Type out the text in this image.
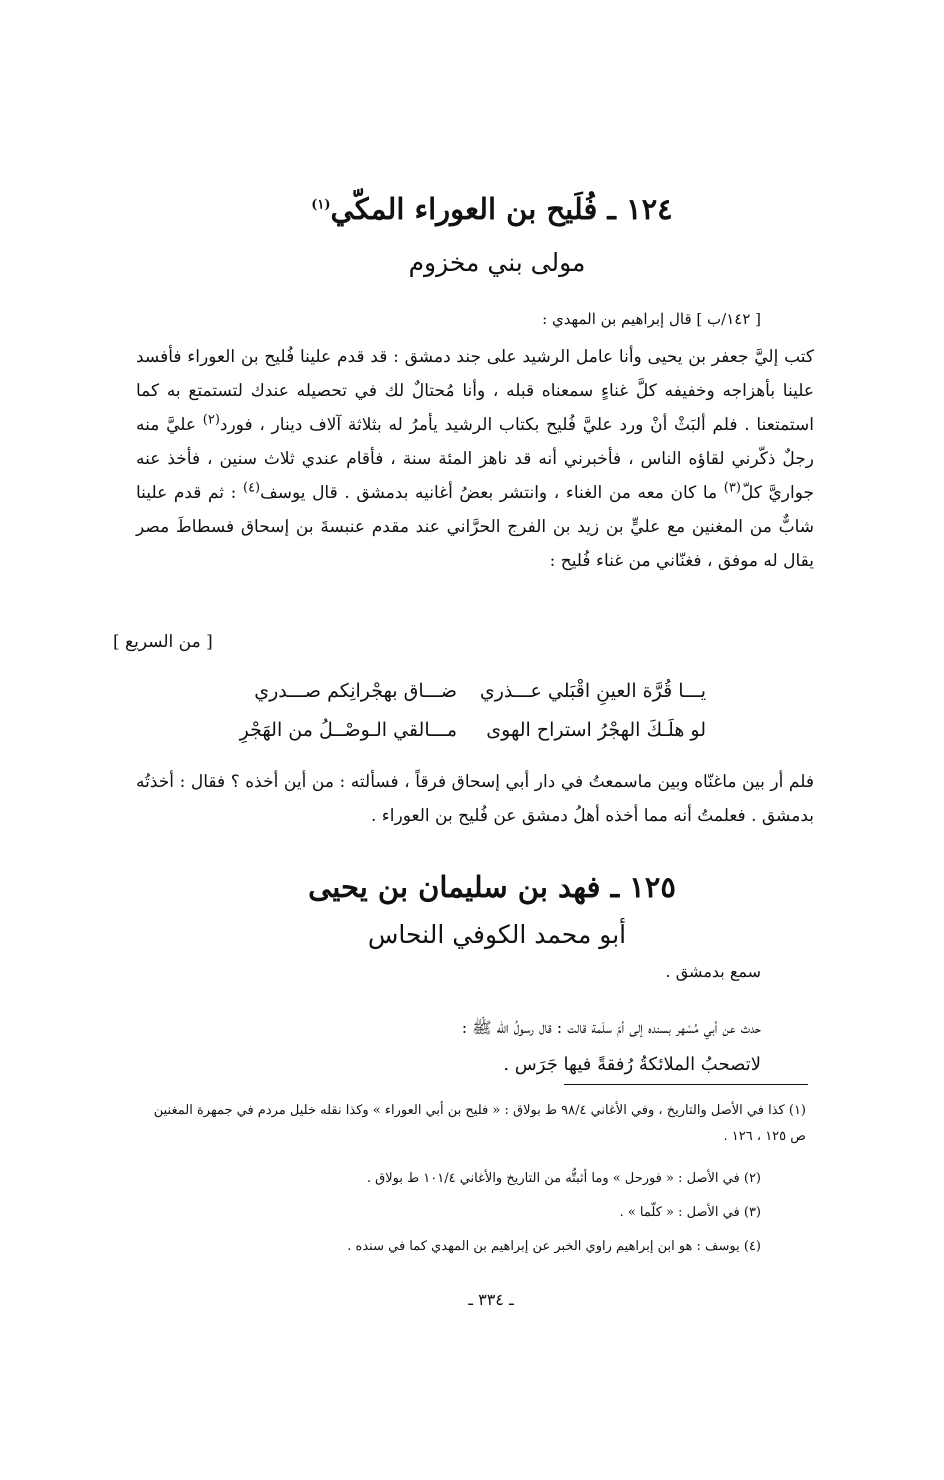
١٢٤ ـ فُلَيح بن العوراء المكّي$^{(١)}$
مولى بني مخزوم
[ ١٤٢/ب ] قال إبراهيم بن المهدي :

كتب إليَّ جعفر بن يحيى وأنا عامل الرشيد على جند دمشق : قد قدم علينا فُليح بن العوراء فأفسد علينا بأهزاجه وخفيفه كلَّ غناءٍ سمعناه قبله ، وأنا مُحتالٌ لك في تحصيله عندك لتستمتع به كما استمتعنا . فلم ألبَثْ أنْ ورد عليَّ فُليح بكتاب الرشيد يأمرُ له بثلاثة آلاف دينار ، فورد$^{(٢)}$ عليَّ منه رجلٌ ذكّرني لقاؤه الناس ، فأخبرني أنه قد ناهز المئة سنة ، فأقام عندي ثلاث سنين ، فأخذ عنه جواريَّ كلّ$^{(٣)}$ ما كان معه من الغناء ، وانتشر بعضُ أغانيه بدمشق . قال يوسف$^{(٤)}$ : ثم قدم علينا شابٌّ من المغنين مع عليٍّ بن زيد بن الفرج الحرَّاني عند مقدم عنبسةَ بن إسحاق فسطاطَ مصر يقال له موفق ، فغنّاني من غناء فُليح :

[ من السريع ]
يـــا قُرَّة العينِ اقْبَلي عـــذري
ضـــاق بهجْرانِكم صـــدري
لو هلَـكَ الهجْرُ استراح الهوى
مـــالقي الـوصْــلُ من الهَجْرِ

فلم أر بين ماغنّاه وبين ماسمعتُ في دار أبي إسحاق فرقاً ، فسألته : من أين أخذه ؟ فقال : أخذتُه بدمشق . فعلمتُ أنه مما أخذه أهلُ دمشق عن فُليح بن العوراء .

١٢٥ ـ فهد بن سليمان بن يحيى
أبو محمد الكوفي النحاس
سمع بدمشق .
حدث عن أبي مُسْهر بسنده إلى أمّ سلَمة قالت : قال رسولُ الله ﷺ :
لاتصحبُ الملائكةُ رُفقةً فيها جَرَس .
(١) كذا في الأصل والتاريخ ، وفي الأغاني ٩٨/٤ ط بولاق : « فليح بن أبي العوراء » وكذا نقله خليل مردم في جمهرة المغنين ص ١٢٥ ، ١٢٦ .
(٢) في الأصل : « فورحل » وما أثبتُّه من التاريخ والأغاني ١٠١/٤ ط بولاق .
(٣) في الأصل : « كلّما » .
(٤) يوسف : هو ابن إبراهيم راوي الخبر عن إبراهيم بن المهدي كما في سنده .
ـ ٣٣٤ ـ
